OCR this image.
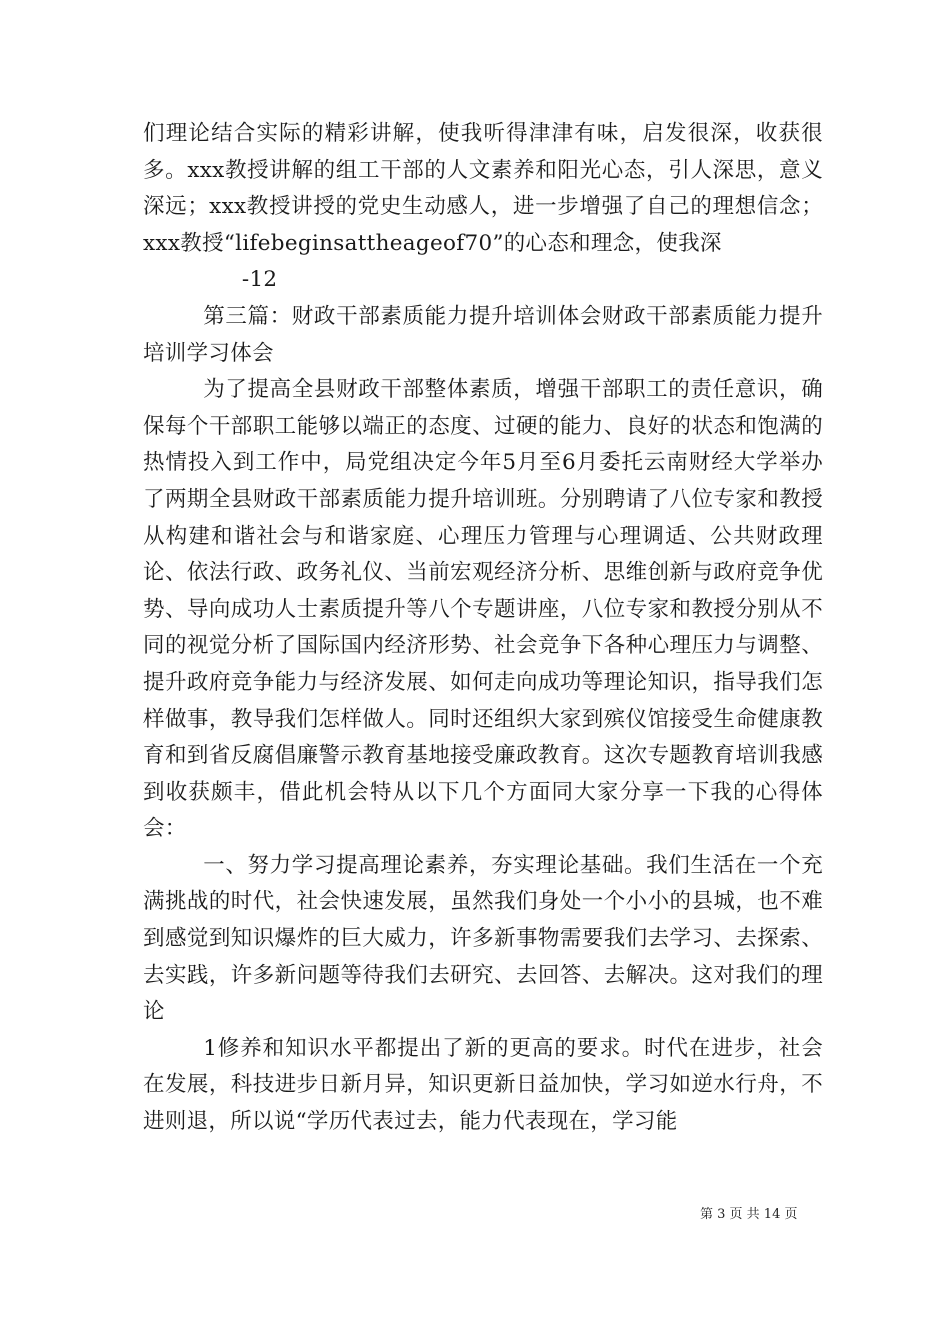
们理论结合实际的精彩讲解，使我听得津津有味，启发很深，收获很多。xxx教授讲解的组工干部的人文素养和阳光心态，引人深思，意义深远；xxx教授讲授的党史生动感人，进一步增强了自己的理想信念；xxx教授“lifebeginsattheageof70”的心态和理念，使我深

-12

第三篇：财政干部素质能力提升培训体会财政干部素质能力提升培训学习体会

为了提高全县财政干部整体素质，增强干部职工的责任意识，确保每个干部职工能够以端正的态度、过硬的能力、良好的状态和饱满的热情投入到工作中，局党组决定今年5月至6月委托云南财经大学举办了两期全县财政干部素质能力提升培训班。分别聘请了八位专家和教授从构建和谐社会与和谐家庭、心理压力管理与心理调适、公共财政理论、依法行政、政务礼仪、当前宏观经济分析、思维创新与政府竞争优势、导向成功人士素质提升等八个专题讲座，八位专家和教授分别从不同的视觉分析了国际国内经济形势、社会竞争下各种心理压力与调整、提升政府竞争能力与经济发展、如何走向成功等理论知识，指导我们怎样做事，教导我们怎样做人。同时还组织大家到殡仪馆接受生命健康教育和到省反腐倡廉警示教育基地接受廉政教育。这次专题教育培训我感到收获颇丰，借此机会特从以下几个方面同大家分享一下我的心得体会：

一、努力学习提高理论素养，夯实理论基础。我们生活在一个充满挑战的时代，社会快速发展，虽然我们身处一个小小的县城，也不难到感觉到知识爆炸的巨大威力，许多新事物需要我们去学习、去探索、去实践，许多新问题等待我们去研究、去回答、去解决。这对我们的理论

1修养和知识水平都提出了新的更高的要求。时代在进步，社会在发展，科技进步日新月异，知识更新日益加快，学习如逆水行舟，不进则退，所以说“学历代表过去，能力代表现在，学习能

第 3 页 共 14 页
